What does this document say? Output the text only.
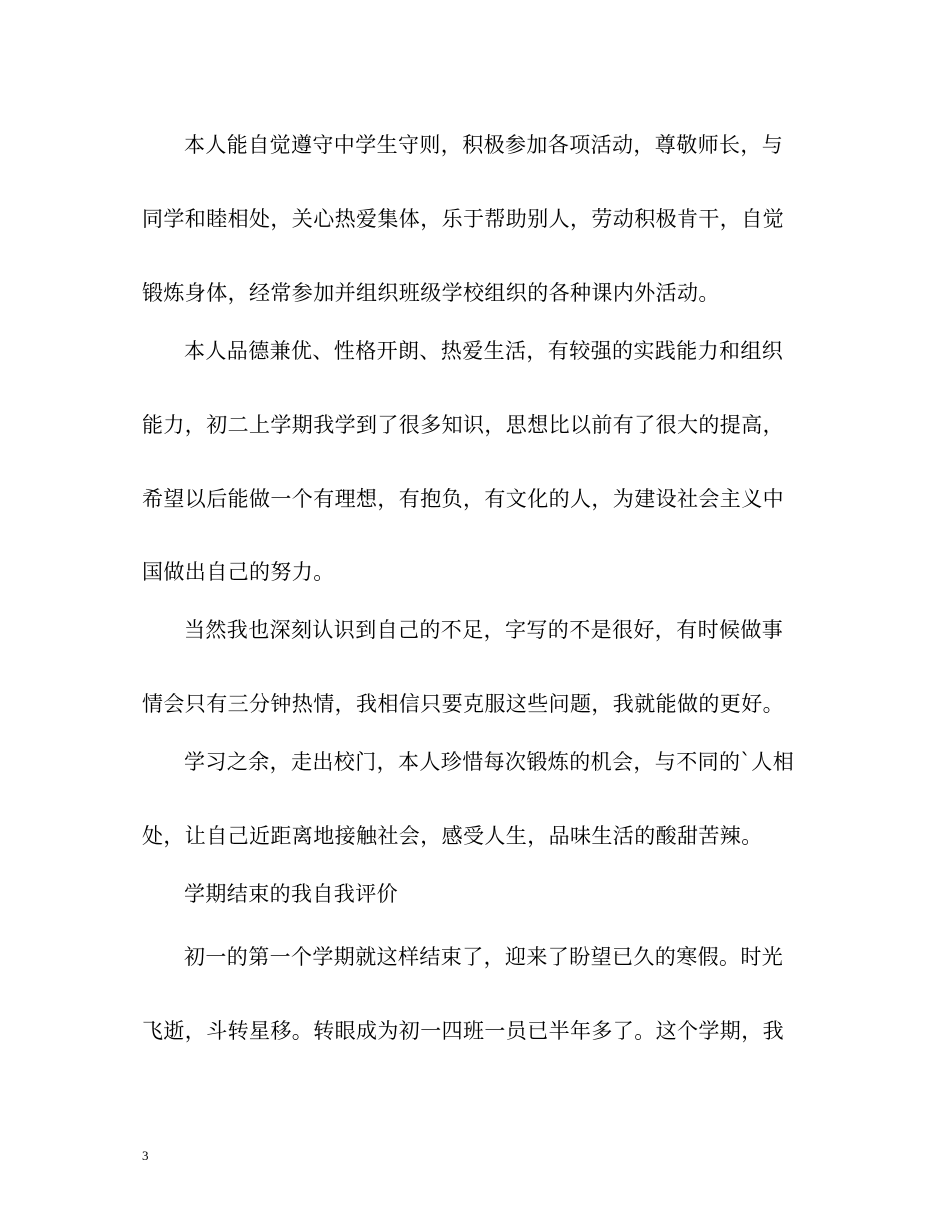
本人能自觉遵守中学生守则，积极参加各项活动，尊敬师长，与
同学和睦相处，关心热爱集体，乐于帮助别人，劳动积极肯干，自觉
锻炼身体，经常参加并组织班级学校组织的各种课内外活动。
本人品德兼优、性格开朗、热爱生活，有较强的实践能力和组织
能力，初二上学期我学到了很多知识，思想比以前有了很大的提高，
希望以后能做一个有理想，有抱负，有文化的人，为建设社会主义中
国做出自己的努力。
当然我也深刻认识到自己的不足，字写的不是很好，有时候做事
情会只有三分钟热情，我相信只要克服这些问题，我就能做的更好。
学习之余，走出校门，本人珍惜每次锻炼的机会，与不同的`人相
处，让自己近距离地接触社会，感受人生，品味生活的酸甜苦辣。
学期结束的我自我评价
初一的第一个学期就这样结束了，迎来了盼望已久的寒假。时光
飞逝，斗转星移。转眼成为初一四班一员已半年多了。这个学期，我
3
